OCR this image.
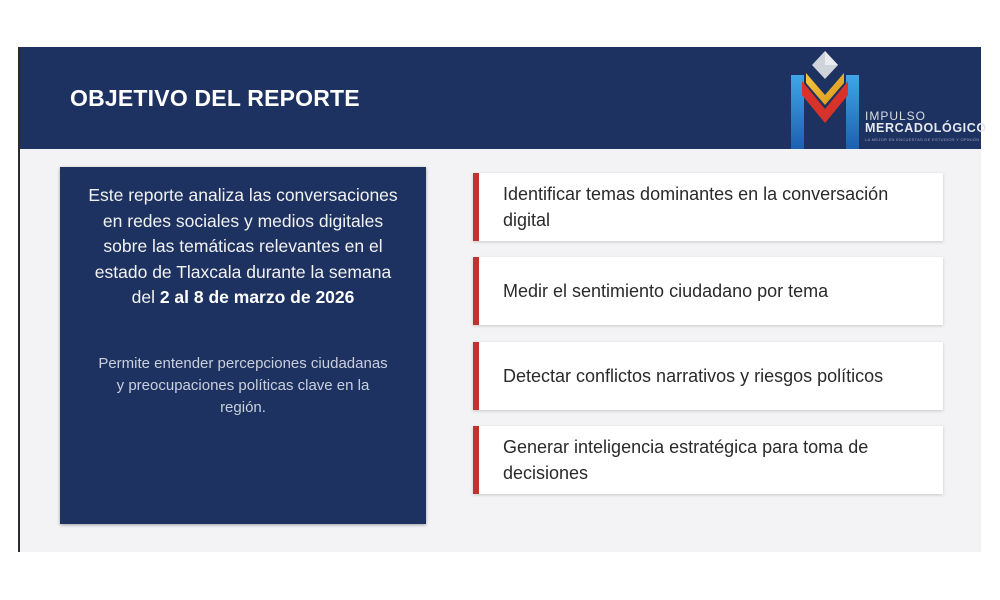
OBJETIVO DEL REPORTE
IMPULSO
MERCADOLÓGICO
LA MEJOR EN ENCUESTAS DE ESTUDIOS Y OPINIÓN

Este reporte analiza las conversaciones en redes sociales y medios digitales sobre las temáticas relevantes en el estado de Tlaxcala durante la semana del 2 al 8 de marzo de 2026

Permite entender percepciones ciudadanas y preocupaciones políticas clave en la región.

Identificar temas dominantes en la conversación digital
Medir el sentimiento ciudadano por tema
Detectar conflictos narrativos y riesgos políticos
Generar inteligencia estratégica para toma de decisiones
